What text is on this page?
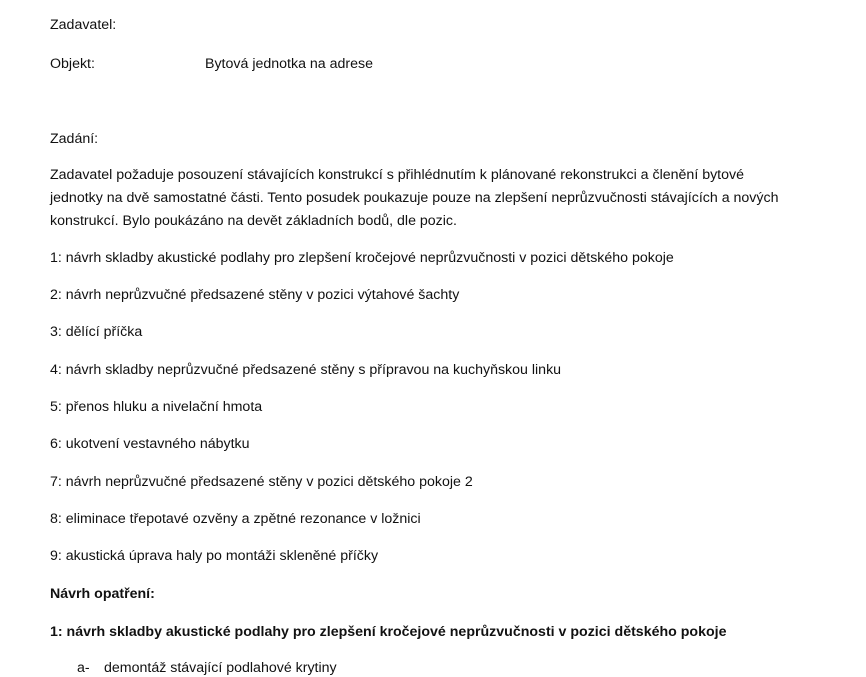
Zadavatel:
Objekt:	Bytová jednotka na adrese
Zadání:
Zadavatel požaduje posouzení stávajících konstrukcí s přihlédnutím k plánované rekonstrukci a členění bytové
jednotky na dvě samostatné části. Tento posudek poukazuje pouze na zlepšení neprůzvučnosti stávajících a nových
konstrukcí. Bylo poukázáno na devět základních bodů, dle pozic.
1: návrh skladby akustické podlahy pro zlepšení kročejové neprůzvučnosti v pozici dětského pokoje
2: návrh neprůzvučné předsazené stěny v pozici výtahové šachty
3: dělící příčka
4: návrh skladby neprůzvučné předsazené stěny s přípravou na kuchyňskou linku
5: přenos hluku a nivelační hmota
6: ukotvení vestavného nábytku
7: návrh neprůzvučné předsazené stěny v pozici dětského pokoje 2
8: eliminace třepotavé ozvěny a zpětné rezonance v ložnici
9: akustická úprava haly po montáži skleněné příčky
Návrh opatření:
1: návrh skladby akustické podlahy pro zlepšení kročejové neprůzvučnosti v pozici dětského pokoje
a- demontáž stávající podlahové krytiny
